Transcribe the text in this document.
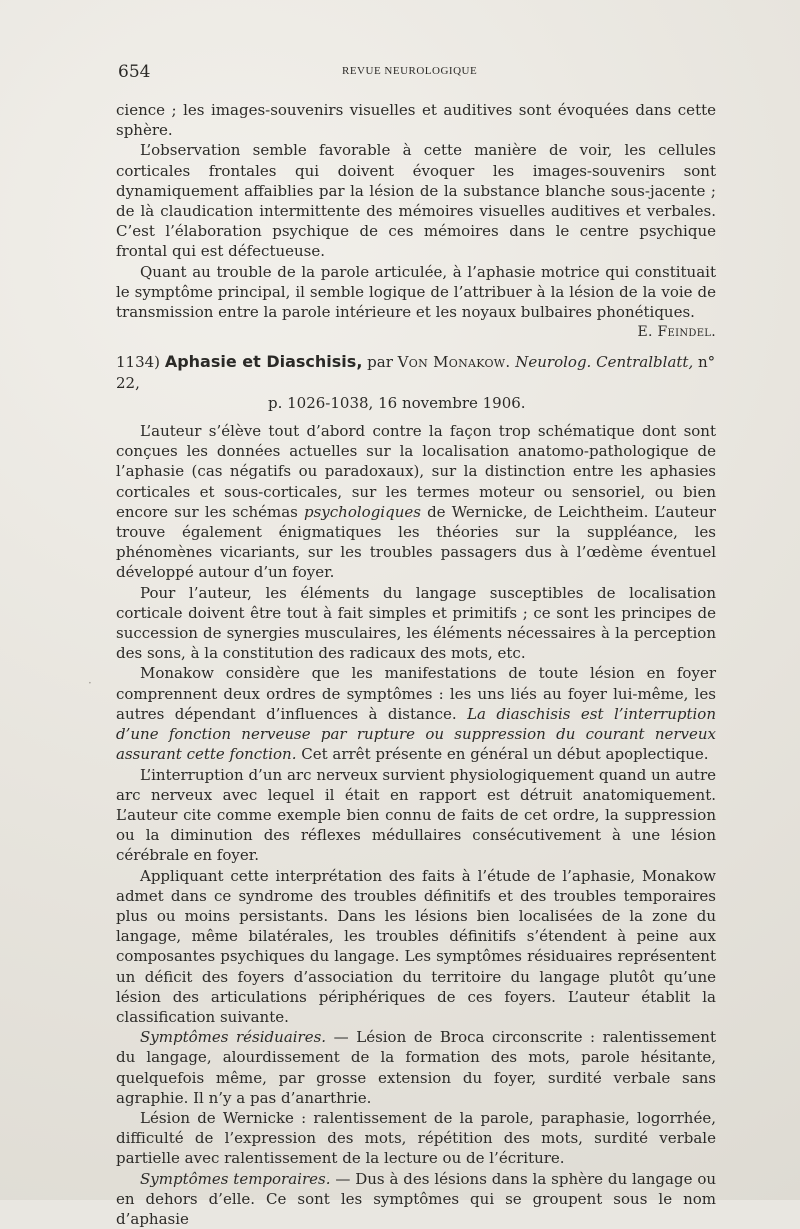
·
654	REVUE NEUROLOGIQUE

cience ; les images-souvenirs visuelles et auditives sont évoquées dans cette sphère.

L’observation semble favorable à cette manière de voir, les cellules corticales frontales qui doivent évoquer les images-souvenirs sont dynamiquement affaiblies par la lésion de la substance blanche sous-jacente ; de là claudication intermittente des mémoires visuelles auditives et verbales. C’est l’élaboration psychique de ces mémoires dans le centre psychique frontal qui est défectueuse.

Quant au trouble de la parole articulée, à l’aphasie motrice qui constituait le symptôme principal, il semble logique de l’attribuer à la lésion de la voie de transmission entre la parole intérieure et les noyaux bulbaires phonétiques.

E. Feindel.

1134) Aphasie et Diaschisis, par Von Monakow. Neurolog. Centralblatt, n° 22,

p. 1026-1038, 16 novembre 1906.

L’auteur s’élève tout d’abord contre la façon trop schématique dont sont conçues les données actuelles sur la localisation anatomo-pathologique de l’aphasie (cas négatifs ou paradoxaux), sur la distinction entre les aphasies corticales et sous-corticales, sur les termes moteur ou sensoriel, ou bien encore sur les schémas psychologiques de Wernicke, de Leichtheim. L’auteur trouve également énigmatiques les théories sur la suppléance, les phénomènes vicariants, sur les troubles passagers dus à l’œdème éventuel développé autour d’un foyer.

Pour l’auteur, les éléments du langage susceptibles de localisation corticale doivent être tout à fait simples et primitifs ; ce sont les principes de succession de synergies musculaires, les éléments nécessaires à la perception des sons, à la constitution des radicaux des mots, etc.

Monakow considère que les manifestations de toute lésion en foyer comprennent deux ordres de symptômes : les uns liés au foyer lui-même, les autres dépendant d’influences à distance. La diaschisis est l’interruption d’une fonction nerveuse par rupture ou suppression du courant nerveux assurant cette fonction. Cet arrêt présente en général un début apoplectique.

L’interruption d’un arc nerveux survient physiologiquement quand un autre arc nerveux avec lequel il était en rapport est détruit anatomiquement. L’auteur cite comme exemple bien connu de faits de cet ordre, la suppression ou la diminution des réflexes médullaires consécutivement à une lésion cérébrale en foyer.

Appliquant cette interprétation des faits à l’étude de l’aphasie, Monakow admet dans ce syndrome des troubles définitifs et des troubles temporaires plus ou moins persistants. Dans les lésions bien localisées de la zone du langage, même bilatérales, les troubles définitifs s’étendent à peine aux composantes psychiques du langage. Les symptômes résiduaires représentent un déficit des foyers d’association du territoire du langage plutôt qu’une lésion des articulations périphériques de ces foyers. L’auteur établit la classification suivante.

Symptômes résiduaires. — Lésion de Broca circonscrite : ralentissement du langage, alourdissement de la formation des mots, parole hésitante, quelquefois même, par grosse extension du foyer, surdité verbale sans agraphie. Il n’y a pas d’anarthrie.

Lésion de Wernicke : ralentissement de la parole, paraphasie, logorrhée, difficulté de l’expression des mots, répétition des mots, surdité verbale partielle avec ralentissement de la lecture ou de l’écriture.

Symptômes temporaires. — Dus à des lésions dans la sphère du langage ou en dehors d’elle. Ce sont les symptômes qui se groupent sous le nom d’aphasie
